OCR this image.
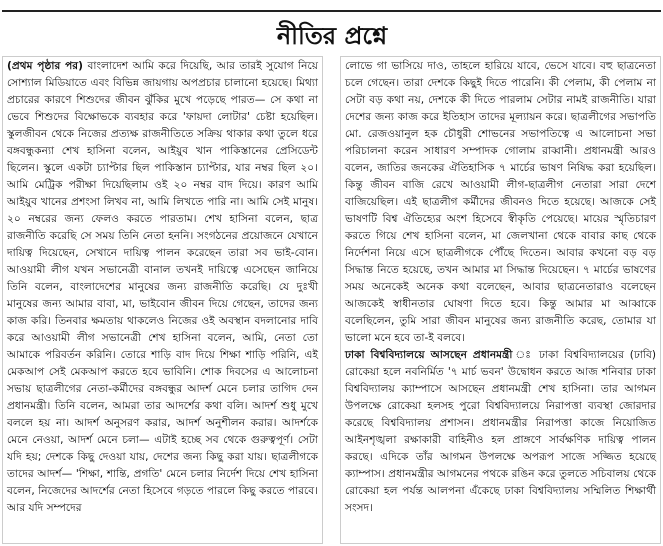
নীতির প্রশ্নে

(প্রথম পৃষ্ঠার পর) বাংলাদেশ আমি করে দিয়েছি, আর তারই সুযোগ নিয়ে সোশ্যাল মিডিয়াতে এবং বিভিন্ন জায়গায় অপপ্রচার চালানো হয়েছে। মিথ্যা প্রচারের কারণে শিশুদের জীবন ঝুঁকির মুখে পড়েছে পারত— সে কথা না ভেবে শিশুদের বিক্ষোভকে ব্যবহার করে 'ফায়দা লোটার' চেষ্টা হয়েছিল। স্কুলজীবন থেকে নিজের প্রত্যক্ষ রাজনীতিতে সক্রিয় থাকার কথা তুলে ধরে বঙ্গবন্ধুকন্যা শেখ হাসিনা বলেন, আইয়ুব খান পাকিস্তানের প্রেসিডেন্ট ছিলেন। স্কুলে একটা চ্যাপ্টার ছিল পাকিস্তান চ্যাপ্টার, যার নম্বর ছিল ২০। আমি মেট্রিক পরীক্ষা দিয়েছিলাম ওই ২০ নম্বর বাদ দিয়ে। কারণ আমি আইয়ুব খানের প্রশংসা লিখব না, আমি লিখতে পারি না। আমি সেই মানুষ। ২০ নম্বরের জন্য ফেলও করতে পারতাম। শেখ হাসিনা বলেন, ছাত্র রাজনীতি করেছি সে সময় তিনি নেতা হননি। সংগঠনের প্রয়োজনে যেখানে দায়িত্ব দিয়েছেন, সেখানে দায়িত্ব পালন করেছেন তারা সব ভাই-বোন। আওয়ামী লীগ যখন সভানেত্রী বানাল তখনই দায়িত্বে এসেছেন জানিয়ে তিনি বলেন, বাংলাদেশের মানুষের জন্য রাজনীতি করেছি। যে দুঃখী মানুষের জন্য আমার বাবা, মা, ভাইবোন জীবন দিয়ে গেছেন, তাদের জন্য কাজ করি। তিনবার ক্ষমতায় থাকলেও নিজের ওই অবস্থান বদলানোর দাবি করে আওয়ামী লীগ সভানেত্রী শেখ হাসিনা বলেন, আমি, নেতা তো আমাকে পরিবর্তন করিনি। তোরে শাড়ি বাদ দিয়ে শিক্ষা শাড়ি পরিনি, এই মেকআপ সেই মেকআপ করতে হবে ভাবিনি। শোক দিবসের এ আলোচনা সভায় ছাত্রলীগের নেতা-কর্মীদের বঙ্গবন্ধুর আদর্শ মেনে চলার তাগিদ দেন প্রধানমন্ত্রী। তিনি বলেন, আমরা তার আদর্শের কথা বলি। আদর্শ শুধু মুখে বললে হয় না। আদর্শ অনুসরণ করার, আদর্শ অনুশীলন করার। আদর্শকে মেনে নেওয়া, আদর্শ মেনে চলা— এটাই হচ্ছে সব থেকে গুরুত্বপূর্ণ। সেটা যদি হয়; দেশকে কিছু দেওয়া যায়, দেশের জন্য কিছু করা যায়। ছাত্রলীগকে তাদের আদর্শ— 'শিক্ষা, শান্তি, প্রগতি' মেনে চলার নির্দেশ দিয়ে শেখ হাসিনা বলেন, নিজেদের আদর্শের নেতা হিসেবে গড়তে পারলে কিছু করতে পারবে। আর যদি সম্পদের

লোভে গা ভাসিয়ে দাও, তাহলে হারিয়ে যাবে, ভেসে যাবে। বহু ছাত্রনেতা চলে গেছেন। তারা দেশকে কিছুই দিতে পারেনি। কী পেলাম, কী পেলাম না সেটা বড় কথা নয়, দেশকে কী দিতে পারলাম সেটার নামই রাজনীতি। যারা দেশের জন্য কাজ করে ইতিহাস তাদের মূল্যায়ন করে। ছাত্রলীগের সভাপতি মো. রেজওয়ানুল হক চৌধুরী শোভনের সভাপতিত্বে এ আলোচনা সভা পরিচালনা করেন সাধারণ সম্পাদক গোলাম রাব্বানী। প্রধানমন্ত্রী আরও বলেন, জাতির জনকের ঐতিহাসিক ৭ মার্চের ভাষণ নিষিদ্ধ করা হয়েছিল। কিন্তু জীবন বাজি রেখে আওয়ামী লীগ-ছাত্রলীগ নেতারা সারা দেশে বাজিয়েছিল। এই ছাত্রলীগ কর্মীদের জীবনও দিতে হয়েছে। আজকে সেই ভাষণটি বিশ্ব ঐতিহ্যের অংশ হিসেবে স্বীকৃতি পেয়েছে। মায়ের স্মৃতিচারণ করতে গিয়ে শেখ হাসিনা বলেন, মা জেলখানা থেকে বাবার কাছ থেকে নির্দেশনা নিয়ে এসে ছাত্রলীগকে পৌঁছে দিতেন। আবার কখনো বড় বড় সিদ্ধান্ত নিতে হয়েছে, তখন আমার মা সিদ্ধান্ত দিয়েছেন। ৭ মার্চের ভাষণের সময় অনেকেই অনেক কথা বলেছেন, আবার ছাত্রনেতারাও বলেছেন আজকেই স্বাধীনতার ঘোষণা দিতে হবে। কিন্তু আমার মা আব্বাকে বলেছিলেন, তুমি সারা জীবন মানুষের জন্য রাজনীতি করেছ, তোমার যা ভালো মনে হবে তা-ই বলবে।

ঢাকা বিশ্ববিদ্যালয়ে আসছেন প্রধানমন্ত্রী ঃ ঢাকা বিশ্ববিদ্যালয়ের (ঢাবি) রোকেয়া হলে নবনির্মিত '৭ মার্চ ভবন' উদ্বোধন করতে আজ শনিবার ঢাকা বিশ্ববিদ্যালয় ক্যাম্পাসে আসছেন প্রধানমন্ত্রী শেখ হাসিনা। তার আগমন উপলক্ষে রোকেয়া হলসহ পুরো বিশ্ববিদ্যালয়ে নিরাপত্তা ব্যবস্থা জোরদার করেছে বিশ্ববিদ্যালয় প্রশাসন। প্রধানমন্ত্রীর নিরাপত্তা কাজে নিয়োজিত আইনশৃঙ্খলা রক্ষাকারী বাহিনীও হল প্রাঙ্গণে সার্বক্ষণিক দায়িত্ব পালন করছে। এদিকে তাঁর আগমন উপলক্ষে অপরূপ সাজে সজ্জিত হয়েছে ক্যাম্পাস। প্রধানমন্ত্রীর আগমনের পথকে রঙিন করে তুলতে সচিবালয় থেকে রোকেয়া হল পর্যন্ত আলপনা এঁকেছে ঢাকা বিশ্ববিদ্যালয় সম্মিলিত শিক্ষার্থী সংসদ।
